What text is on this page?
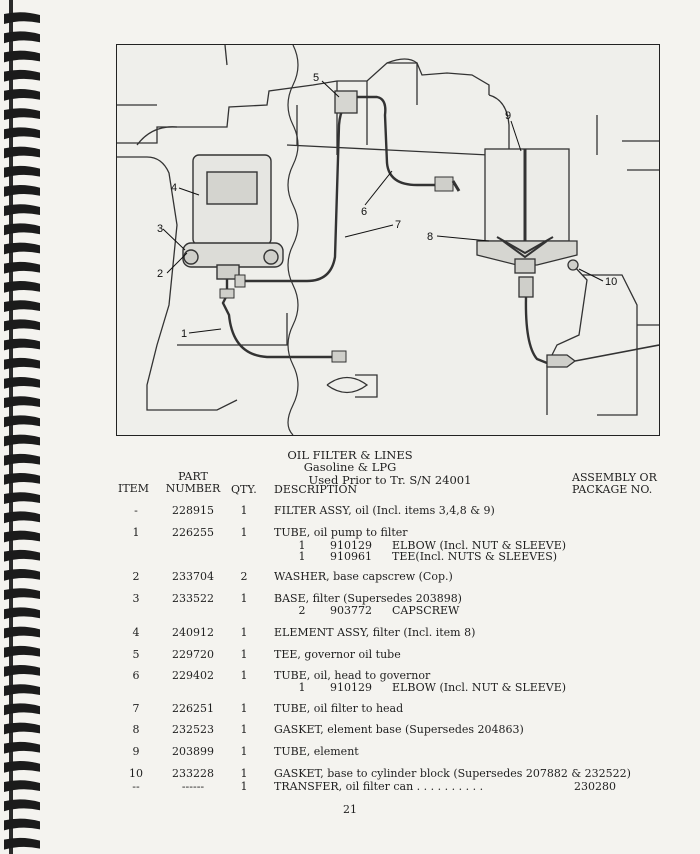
4
3
2
5
6
7
8
9
10
1
OIL FILTER & LINES
Gasoline & LPG
Used Prior to Tr. S/N 24001
PART
NUMBER
ITEM	QTY. DESCRIPTION
ASSEMBLY OR
PACKAGE NO.
-	228915	1	FILTER ASSY, oil (Incl. items 3,4,8 & 9)
1	226255	1	TUBE, oil pump to filter
1	910129 ELBOW (Incl. NUT & SLEEVE)
1	910961 TEE(Incl. NUTS & SLEEVES)
2	233704	2	WASHER, base capscrew (Cop.)
3	233522	1	BASE, filter (Supersedes 203898)
2	903772 CAPSCREW
4	240912	1	ELEMENT ASSY, filter (Incl. item 8)
5	229720	1	TEE, governor oil tube
6	229402	1	TUBE, oil, head to governor
1	910129 ELBOW (Incl. NUT & SLEEVE)
7	226251	1	TUBE, oil filter to head
8	232523	1	GASKET, element base (Supersedes 204863)
9	203899	1	TUBE, element
10	233228	1	GASKET, base to cylinder block (Supersedes 207882 & 232522)
--	------	1	TRANSFER, oil filter can . . . . . . . . . .	230280
21
